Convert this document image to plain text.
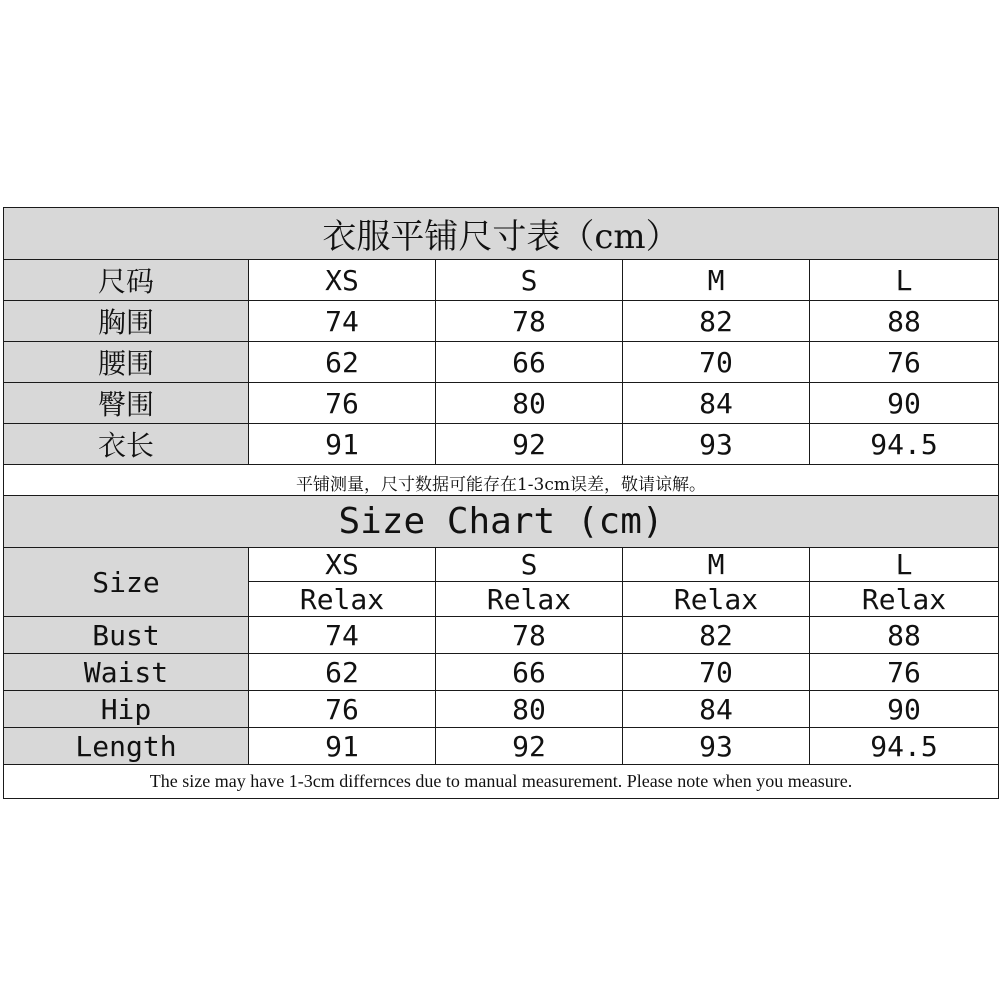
衣服平铺尺寸表（cm）				
尺码	XS	S	M	L
胸围	74	78	82	88
腰围	62	66	70	76
臀围	76	80	84	90
衣长	91	92	93	94.5
平铺测量，尺寸数据可能存在1-3cm误差，敬请谅解。				
Size Chart (cm)				
Size	XS	S	M	L
	Relax	Relax	Relax	Relax
Bust	74	78	82	88
Waist	62	66	70	76
Hip	76	80	84	90
Length	91	92	93	94.5
The size may have 1-3cm differnces due to manual measurement. Please note when you measure.				
